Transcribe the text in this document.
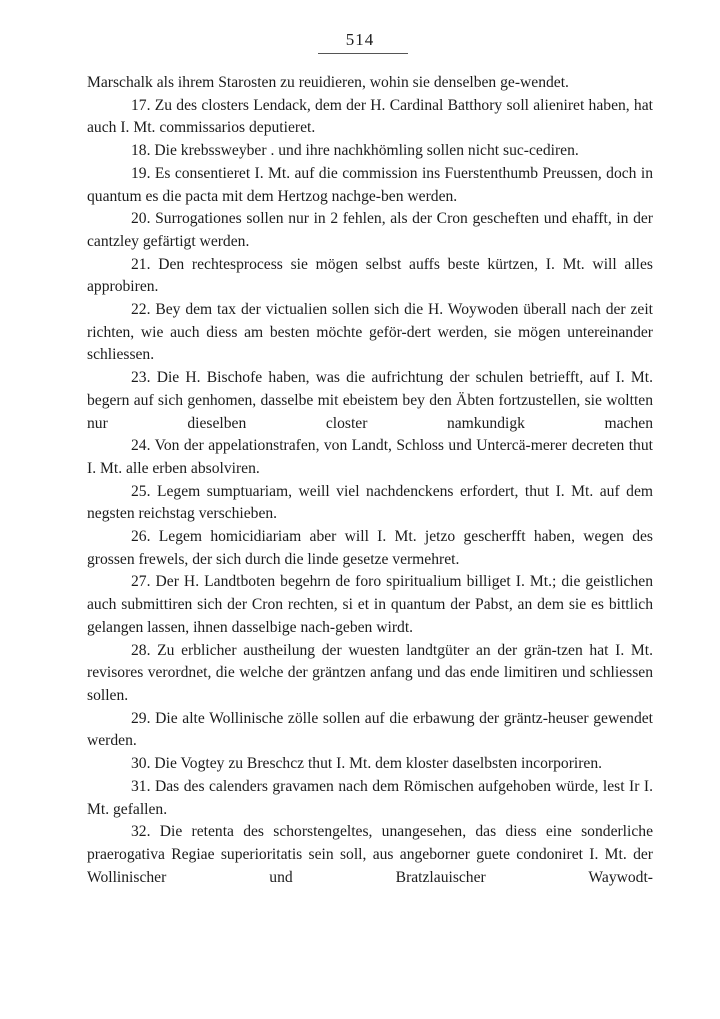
514

Marschalk als ihrem Starosten zu reuidieren, wohin sie denselben ge-wendet.

17. Zu des closters Lendack, dem der H. Cardinal Batthory soll alieniret haben, hat auch I. Mt. commissarios deputieret.

18. Die krebssweyber . und ihre nachkhömling sollen nicht suc-cediren.

19. Es consentieret I. Mt. auf die commission ins Fuerstenthumb Preussen, doch in quantum es die pacta mit dem Hertzog nachge-ben werden.

20. Surrogationes sollen nur in 2 fehlen, als der Cron gescheften und ehafft, in der cantzley gefärtigt werden.

21. Den rechtesprocess sie mögen selbst auffs beste kürtzen, I. Mt. will alles approbiren.

22. Bey dem tax der victualien sollen sich die H. Woywoden überall nach der zeit richten, wie auch diess am besten möchte geför-dert werden, sie mögen untereinander schliessen.

23. Die H. Bischofe haben, was die aufrichtung der schulen betriefft, auf I. Mt. begern auf sich genhomen, dasselbe mit ebeistem bey den Äbten fortzustellen, sie woltten nur dieselben closter namkundigk machen

24. Von der appelationstrafen, von Landt, Schloss und Untercä-merer decreten thut I. Mt. alle erben absolviren.

25. Legem sumptuariam, weill viel nachdenckens erfordert, thut I. Mt. auf dem negsten reichstag verschieben.

26. Legem homicidiariam aber will I. Mt. jetzo gescherfft haben, wegen des grossen frewels, der sich durch die linde gesetze vermehret.

27. Der H. Landtboten begehrn de foro spiritualium billiget I. Mt.; die geistlichen auch submittiren sich der Cron rechten, si et in quantum der Pabst, an dem sie es bittlich gelangen lassen, ihnen dasselbige nach-geben wirdt.

28. Zu erblicher austheilung der wuesten landtgüter an der grän-tzen hat I. Mt. revisores verordnet, die welche der gräntzen anfang und das ende limitiren und schliessen sollen.

29. Die alte Wollinische zölle sollen auf die erbawung der gräntz-heuser gewendet werden.

30. Die Vogtey zu Breschcz thut I. Mt. dem kloster daselbsten incorporiren.

31. Das des calenders gravamen nach dem Römischen aufgehoben würde, lest Ir I. Mt. gefallen.

32. Die retenta des schorstengeltes, unangesehen, das diess eine sonderliche praerogativa Regiae superioritatis sein soll, aus angeborner guete condoniret I. Mt. der Wollinischer und Bratzlauischer Waywodt-
